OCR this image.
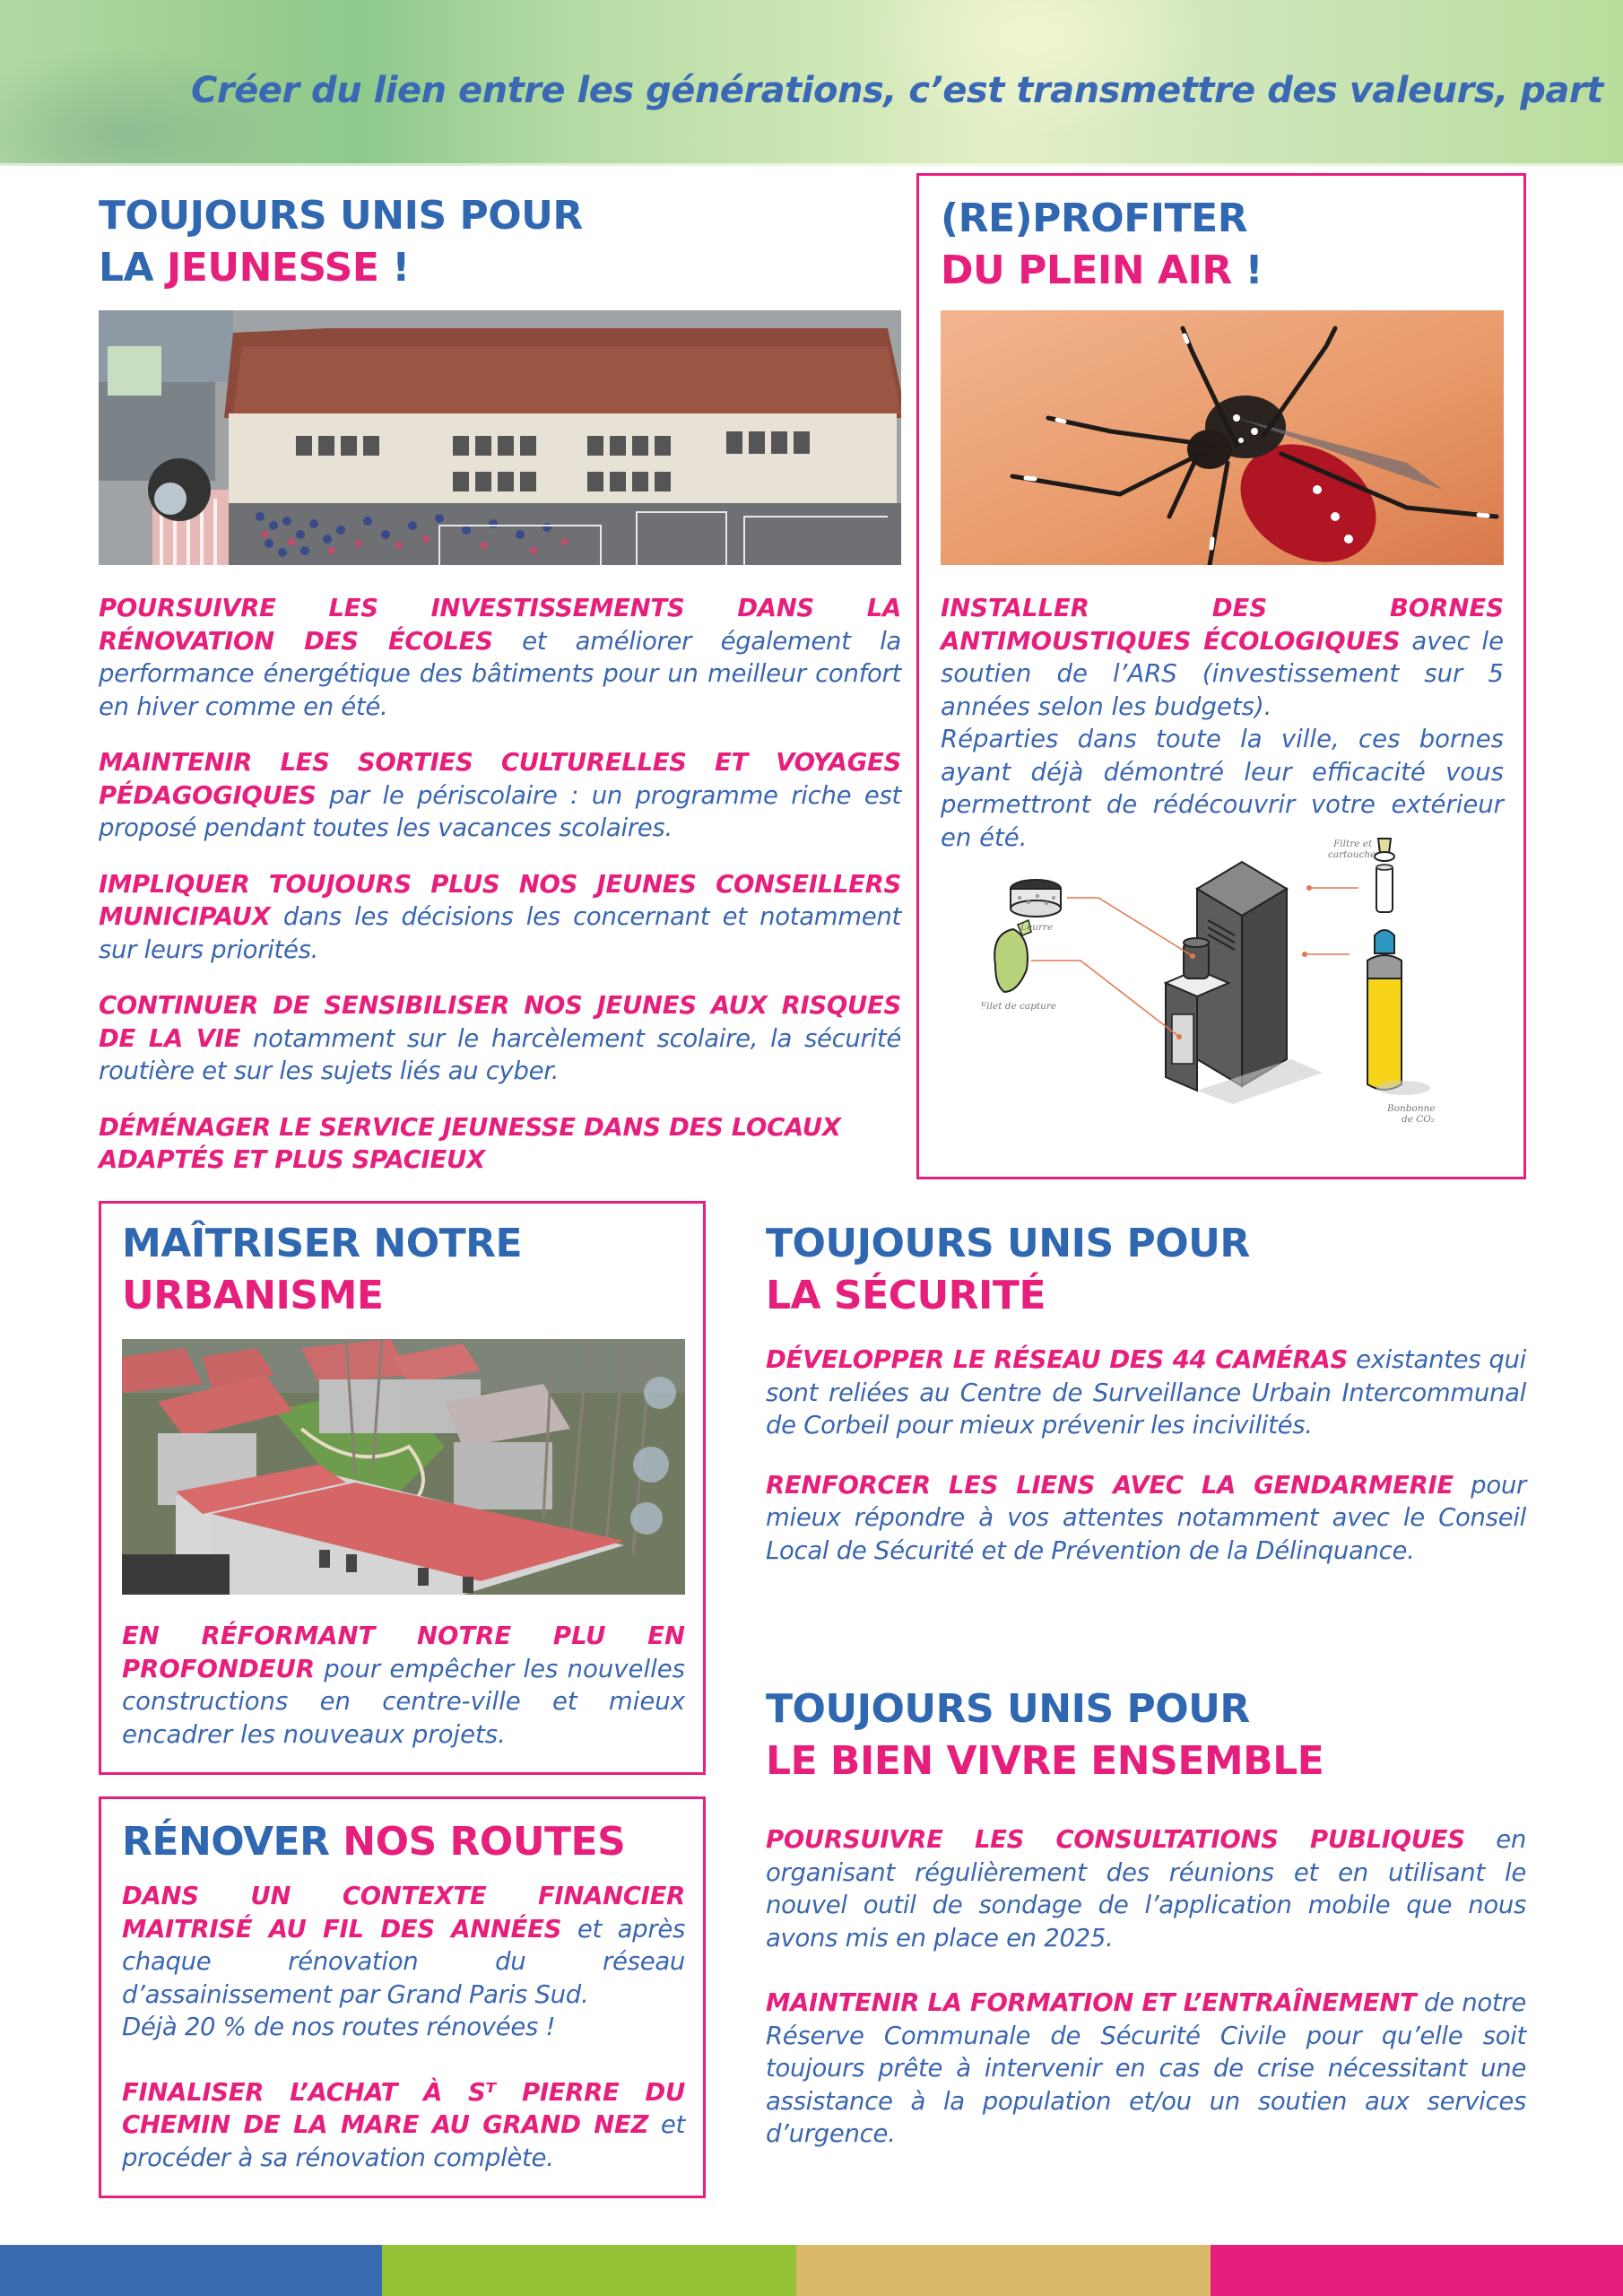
Créer du lien entre les générations, c’est transmettre des valeurs, part
TOUJOURS UNIS POUR
LA JEUNESSE !

POURSUIVRE LES INVESTISSEMENTS DANS LA RÉNOVATION DES ÉCOLES et améliorer également la performance énergétique des bâtiments pour un meilleur confort en hiver comme en été.

MAINTENIR LES SORTIES CULTURELLES ET VOYAGES PÉDAGOGIQUES par le périscolaire : un programme riche est proposé pendant toutes les vacances scolaires.

IMPLIQUER TOUJOURS PLUS NOS JEUNES CONSEILLERS MUNICIPAUX dans les décisions les concernant et notamment sur leurs priorités.

CONTINUER DE SENSIBILISER NOS JEUNES AUX RISQUES DE LA VIE notamment sur le harcèlement scolaire, la sécurité routière et sur les sujets liés au cyber.

DÉMÉNAGER LE SERVICE JEUNESSE DANS DES LOCAUX ADAPTÉS ET PLUS SPACIEUX

(RE)PROFITER
DU PLEIN AIR !

INSTALLER DES BORNES ANTIMOUSTIQUES ÉCOLOGIQUES avec le soutien de l’ARS (investissement sur 5 années selon les budgets).

Réparties dans toute la ville, ces bornes ayant déjà démontré leur efficacité vous permettront de rédécouvrir votre extérieur en été.	Filtre et
cartouche
Leurre
Filet de capture
Bonbonne
de CO₂
MAÎTRISER NOTRE
URBANISME

EN RÉFORMANT NOTRE PLU EN PROFONDEUR pour empêcher les nouvelles constructions en centre-ville et mieux encadrer les nouveaux projets.

RÉNOVER NOS ROUTES

DANS UN CONTEXTE FINANCIER MAITRISÉ AU FIL DES ANNÉES et après chaque rénovation du réseau d’assainissement par Grand Paris Sud.

Déjà 20 % de nos routes rénovées !

FINALISER L’ACHAT À Sᵀ PIERRE DU CHEMIN DE LA MARE AU GRAND NEZ et procéder à sa rénovation complète.

TOUJOURS UNIS POUR
LA SÉCURITÉ

DÉVELOPPER LE RÉSEAU DES 44 CAMÉRAS existantes qui sont reliées au Centre de Surveillance Urbain Intercommunal de Corbeil pour mieux prévenir les incivilités.

RENFORCER LES LIENS AVEC LA GENDARMERIE pour mieux répondre à vos attentes notamment avec le Conseil Local de Sécurité et de Prévention de la Délinquance.

TOUJOURS UNIS POUR
LE BIEN VIVRE ENSEMBLE

POURSUIVRE LES CONSULTATIONS PUBLIQUES en organisant régulièrement des réunions et en utilisant le nouvel outil de sondage de l’application mobile que nous avons mis en place en 2025.

MAINTENIR LA FORMATION ET L’ENTRAÎNEMENT de notre Réserve Communale de Sécurité Civile pour qu’elle soit toujours prête à intervenir en cas de crise nécessitant une assistance à la population et/ou un soutien aux services d’urgence.
